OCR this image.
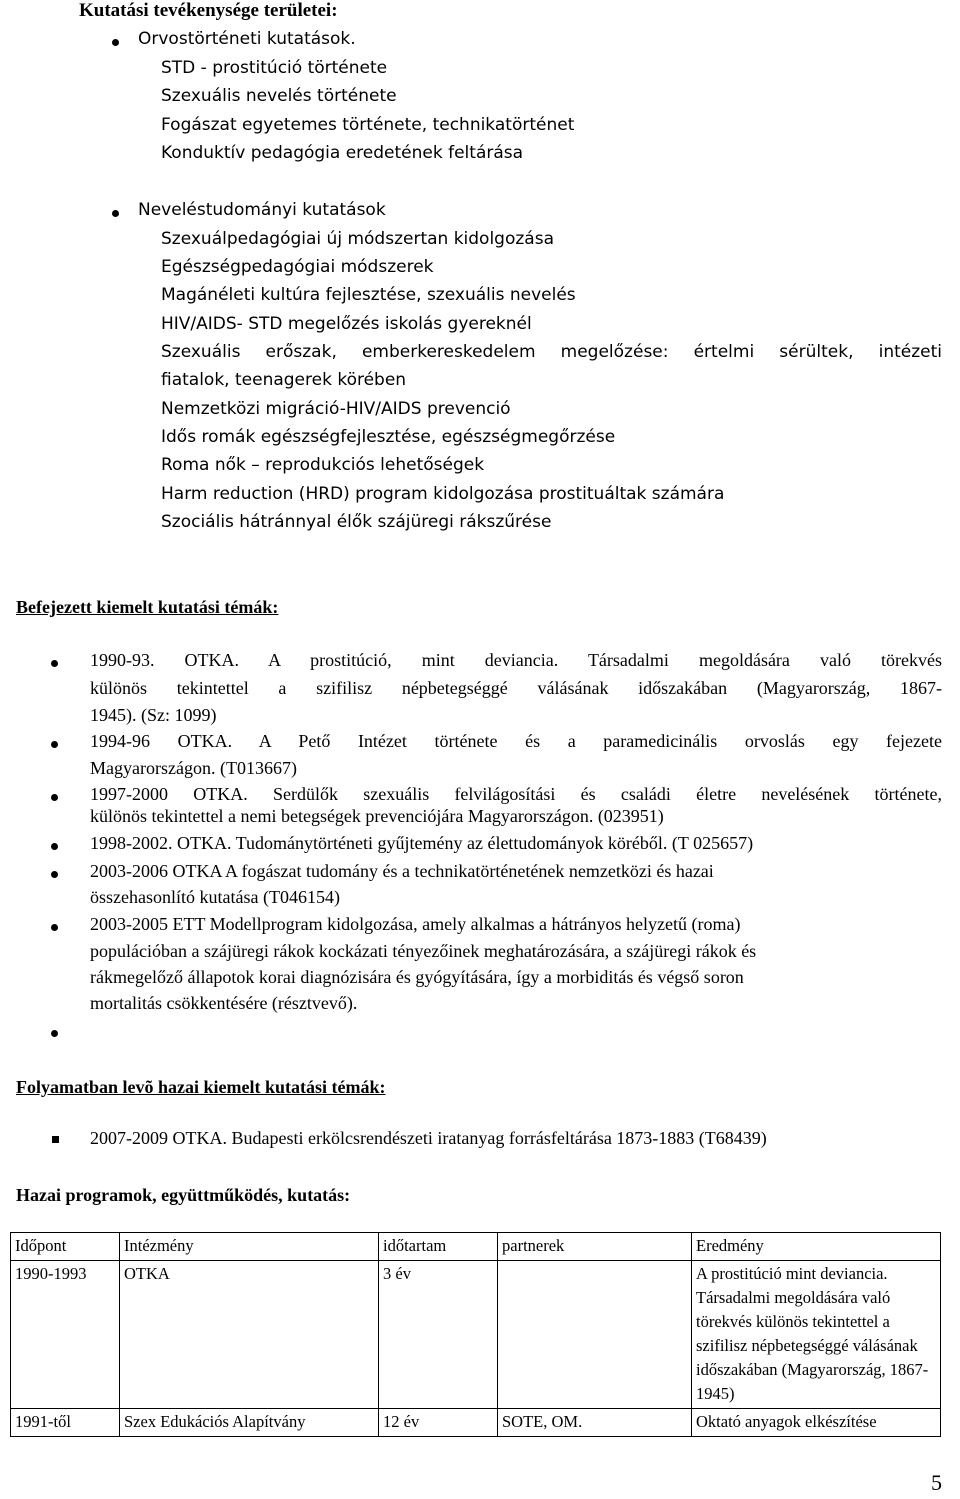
Kutatási tevékenysége területei:
Orvostörténeti kutatások.
STD - prostitúció története
Szexuális nevelés története
Fogászat egyetemes története, technikatörténet
Konduktív pedagógia eredetének feltárása
Neveléstudományi kutatások
Szexuálpedagógiai új módszertan kidolgozása
Egészségpedagógiai módszerek
Magánéleti kultúra fejlesztése, szexuális nevelés
HIV/AIDS- STD megelőzés iskolás gyereknél
Szexuális erőszak, emberkereskedelem megelőzése: értelmi sérültek, intézeti
fiatalok, teenagerek körében
Nemzetközi migráció-HIV/AIDS prevenció
Idős romák egészségfejlesztése, egészségmegőrzése
Roma nők – reprodukciós lehetőségek
Harm reduction (HRD) program kidolgozása prostituáltak számára
Szociális hátránnyal élők szájüregi rákszűrése
Befejezett kiemelt kutatási témák:
1990-93. OTKA. A prostitúció, mint deviancia. Társadalmi megoldására való törekvés
különös tekintettel a szifilisz népbetegséggé válásának időszakában (Magyarország, 1867-
1945). (Sz: 1099)
1994-96 OTKA. A Pető Intézet története és a paramedicinális orvoslás egy fejezete
Magyarországon. (T013667)
1997-2000 OTKA. Serdülők szexuális felvilágosítási és családi életre nevelésének története,
különös tekintettel a nemi betegségek prevenciójára Magyarországon. (023951)
1998-2002. OTKA. Tudománytörténeti gyűjtemény az élettudományok köréből. (T 025657)
2003-2006 OTKA A fogászat tudomány és a technikatörténetének nemzetközi és hazai
összehasonlító kutatása (T046154)
2003-2005 ETT Modellprogram kidolgozása, amely alkalmas a hátrányos helyzetű (roma)
populációban a szájüregi rákok kockázati tényezőinek meghatározására, a szájüregi rákok és
rákmegelőző állapotok korai diagnózisára és gyógyítására, így a morbiditás és végső soron
mortalitás csökkentésére (résztvevő).
Folyamatban levõ hazai kiemelt kutatási témák:
2007-2009 OTKA. Budapesti erkölcsrendészeti iratanyag forrásfeltárása 1873-1883 (T68439)
Hazai programok, együttműködés, kutatás:
Időpont	Intézmény	időtartam	partnerek	Eredmény
1990-1993	OTKA	3 év		A prostitúció mint deviancia. Társadalmi megoldására való törekvés különös tekintettel a szifilisz népbetegséggé válásának időszakában (Magyarország, 1867-1945)
1991-től	Szex Edukációs Alapítvány	12 év	SOTE, OM.	Oktató anyagok elkészítése
5
